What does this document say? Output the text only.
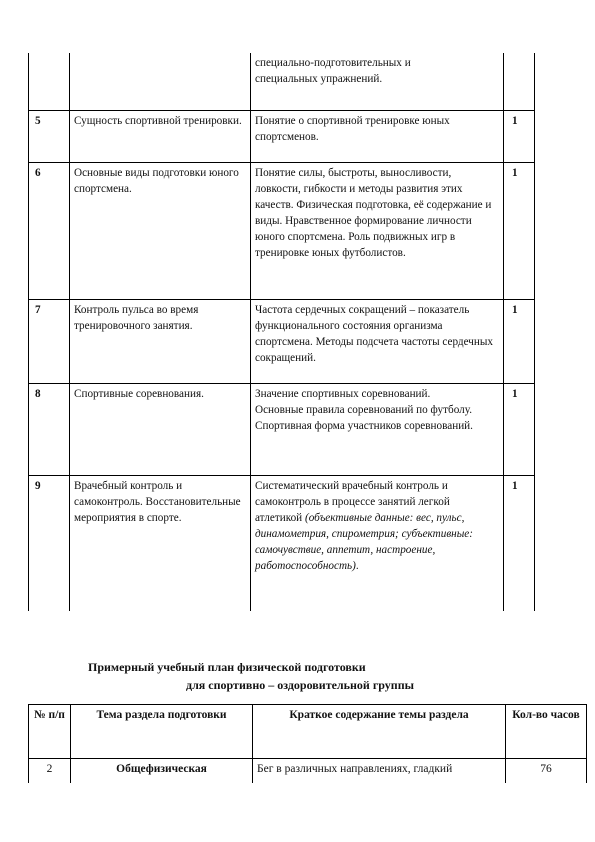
		специально-подготовительных и
специальных упражнений.	

5	Сущность спортивной тренировки.	Понятие о спортивной тренировке юных спортсменов.	1
6	Основные виды подготовки юного спортсмена.	Понятие силы, быстроты, выносливости, ловкости, гибкости и методы развития этих качеств. Физическая подготовка, её содержание и виды. Нравственное формирование личности юного спортсмена. Роль подвижных игр в тренировке юных футболистов.	1
7	Контроль пульса во время тренировочного занятия.	Частота сердечных сокращений – показатель функционального состояния организма спортсмена. Методы подсчета частоты сердечных сокращений.	1
8	Спортивные соревнования.	Значение спортивных соревнований.
Основные правила соревнований по футболу.
Спортивная форма участников соревнований.	1
9	Врачебный контроль и самоконтроль. Восстановительные мероприятия в спорте.	Систематический врачебный контроль и самоконтроль в процессе занятий легкой атлетикой (объективные данные: вес, пульс, динамометрия, спирометрия; субъективные: самочувствие, аппетит, настроение, работоспособность).	1
Примерный учебный план физической подготовки
для спортивно – оздоровительной группы
№ п/п	Тема раздела подготовки	Краткое содержание темы раздела	Кол-во часов
2	Общефизическая	Бег в различных направлениях, гладкий	76
